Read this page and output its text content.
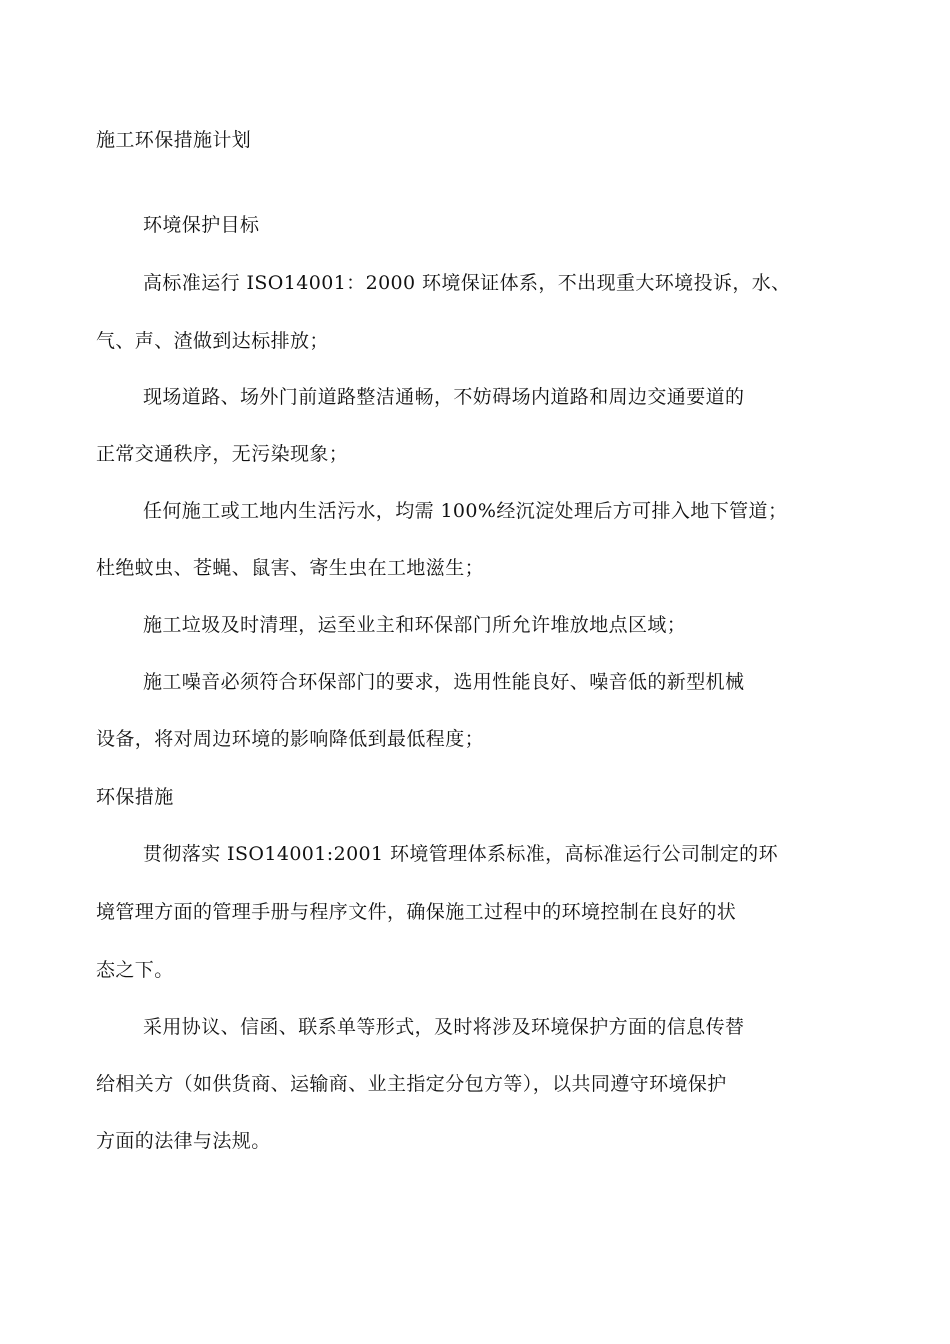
施工环保措施计划
环境保护目标
高标准运行 ISO14001：2000 环境保证体系，不出现重大环境投诉，水、
气、声、渣做到达标排放；
现场道路、场外门前道路整洁通畅，不妨碍场内道路和周边交通要道的
正常交通秩序，无污染现象；
任何施工或工地内生活污水，均需 100%经沉淀处理后方可排入地下管道；
杜绝蚊虫、苍蝇、鼠害、寄生虫在工地滋生；
施工垃圾及时清理，运至业主和环保部门所允许堆放地点区域；
施工噪音必须符合环保部门的要求，选用性能良好、噪音低的新型机械
设备，将对周边环境的影响降低到最低程度；
环保措施
贯彻落实 ISO14001:2001 环境管理体系标准，高标准运行公司制定的环
境管理方面的管理手册与程序文件，确保施工过程中的环境控制在良好的状
态之下。
采用协议、信函、联系单等形式，及时将涉及环境保护方面的信息传替
给相关方（如供货商、运输商、业主指定分包方等），以共同遵守环境保护
方面的法律与法规。
